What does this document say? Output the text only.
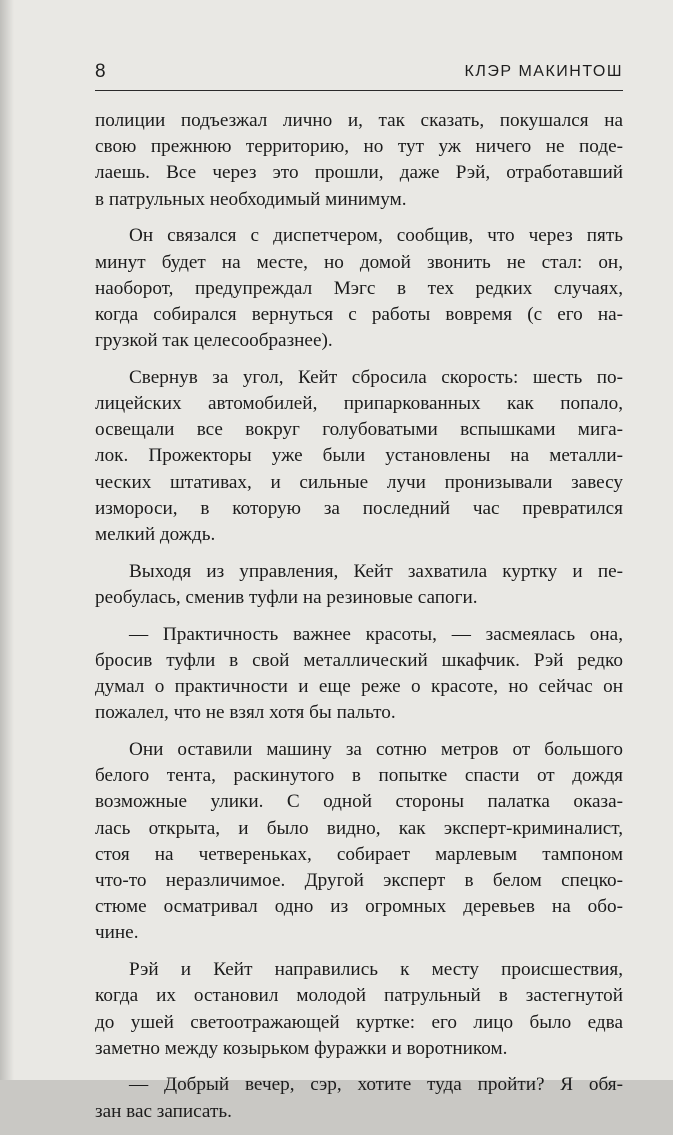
8	КЛЭР МАКИНТОШ
полиции подъезжал лично и, так сказать, покушался на
свою прежнюю территорию, но тут уж ничего не поде-
лаешь. Все через это прошли, даже Рэй, отработавший
в патрульных необходимый минимум.
Он связался с диспетчером, сообщив, что через пять
минут будет на месте, но домой звонить не стал: он,
наоборот, предупреждал Мэгс в тех редких случаях,
когда собирался вернуться с работы вовремя (с его на-
грузкой так целесообразнее).
Свернув за угол, Кейт сбросила скорость: шесть по-
лицейских автомобилей, припаркованных как попало,
освещали все вокруг голубоватыми вспышками мига-
лок. Прожекторы уже были установлены на металли-
ческих штативах, и сильные лучи пронизывали завесу
измороси, в которую за последний час превратился
мелкий дождь.
Выходя из управления, Кейт захватила куртку и пе-
реобулась, сменив туфли на резиновые сапоги.
— Практичность важнее красоты, — засмеялась она,
бросив туфли в свой металлический шкафчик. Рэй редко
думал о практичности и еще реже о красоте, но сейчас он
пожалел, что не взял хотя бы пальто.
Они оставили машину за сотню метров от большого
белого тента, раскинутого в попытке спасти от дождя
возможные улики. С одной стороны палатка оказа-
лась открыта, и было видно, как эксперт-криминалист,
стоя на четвереньках, собирает марлевым тампоном
что-то неразличимое. Другой эксперт в белом спецко-
стюме осматривал одно из огромных деревьев на обо-
чине.
Рэй и Кейт направились к месту происшествия,
когда их остановил молодой патрульный в застегнутой
до ушей светоотражающей куртке: его лицо было едва
заметно между козырьком фуражки и воротником.
— Добрый вечер, сэр, хотите туда пройти? Я обя-
зан вас записать.
